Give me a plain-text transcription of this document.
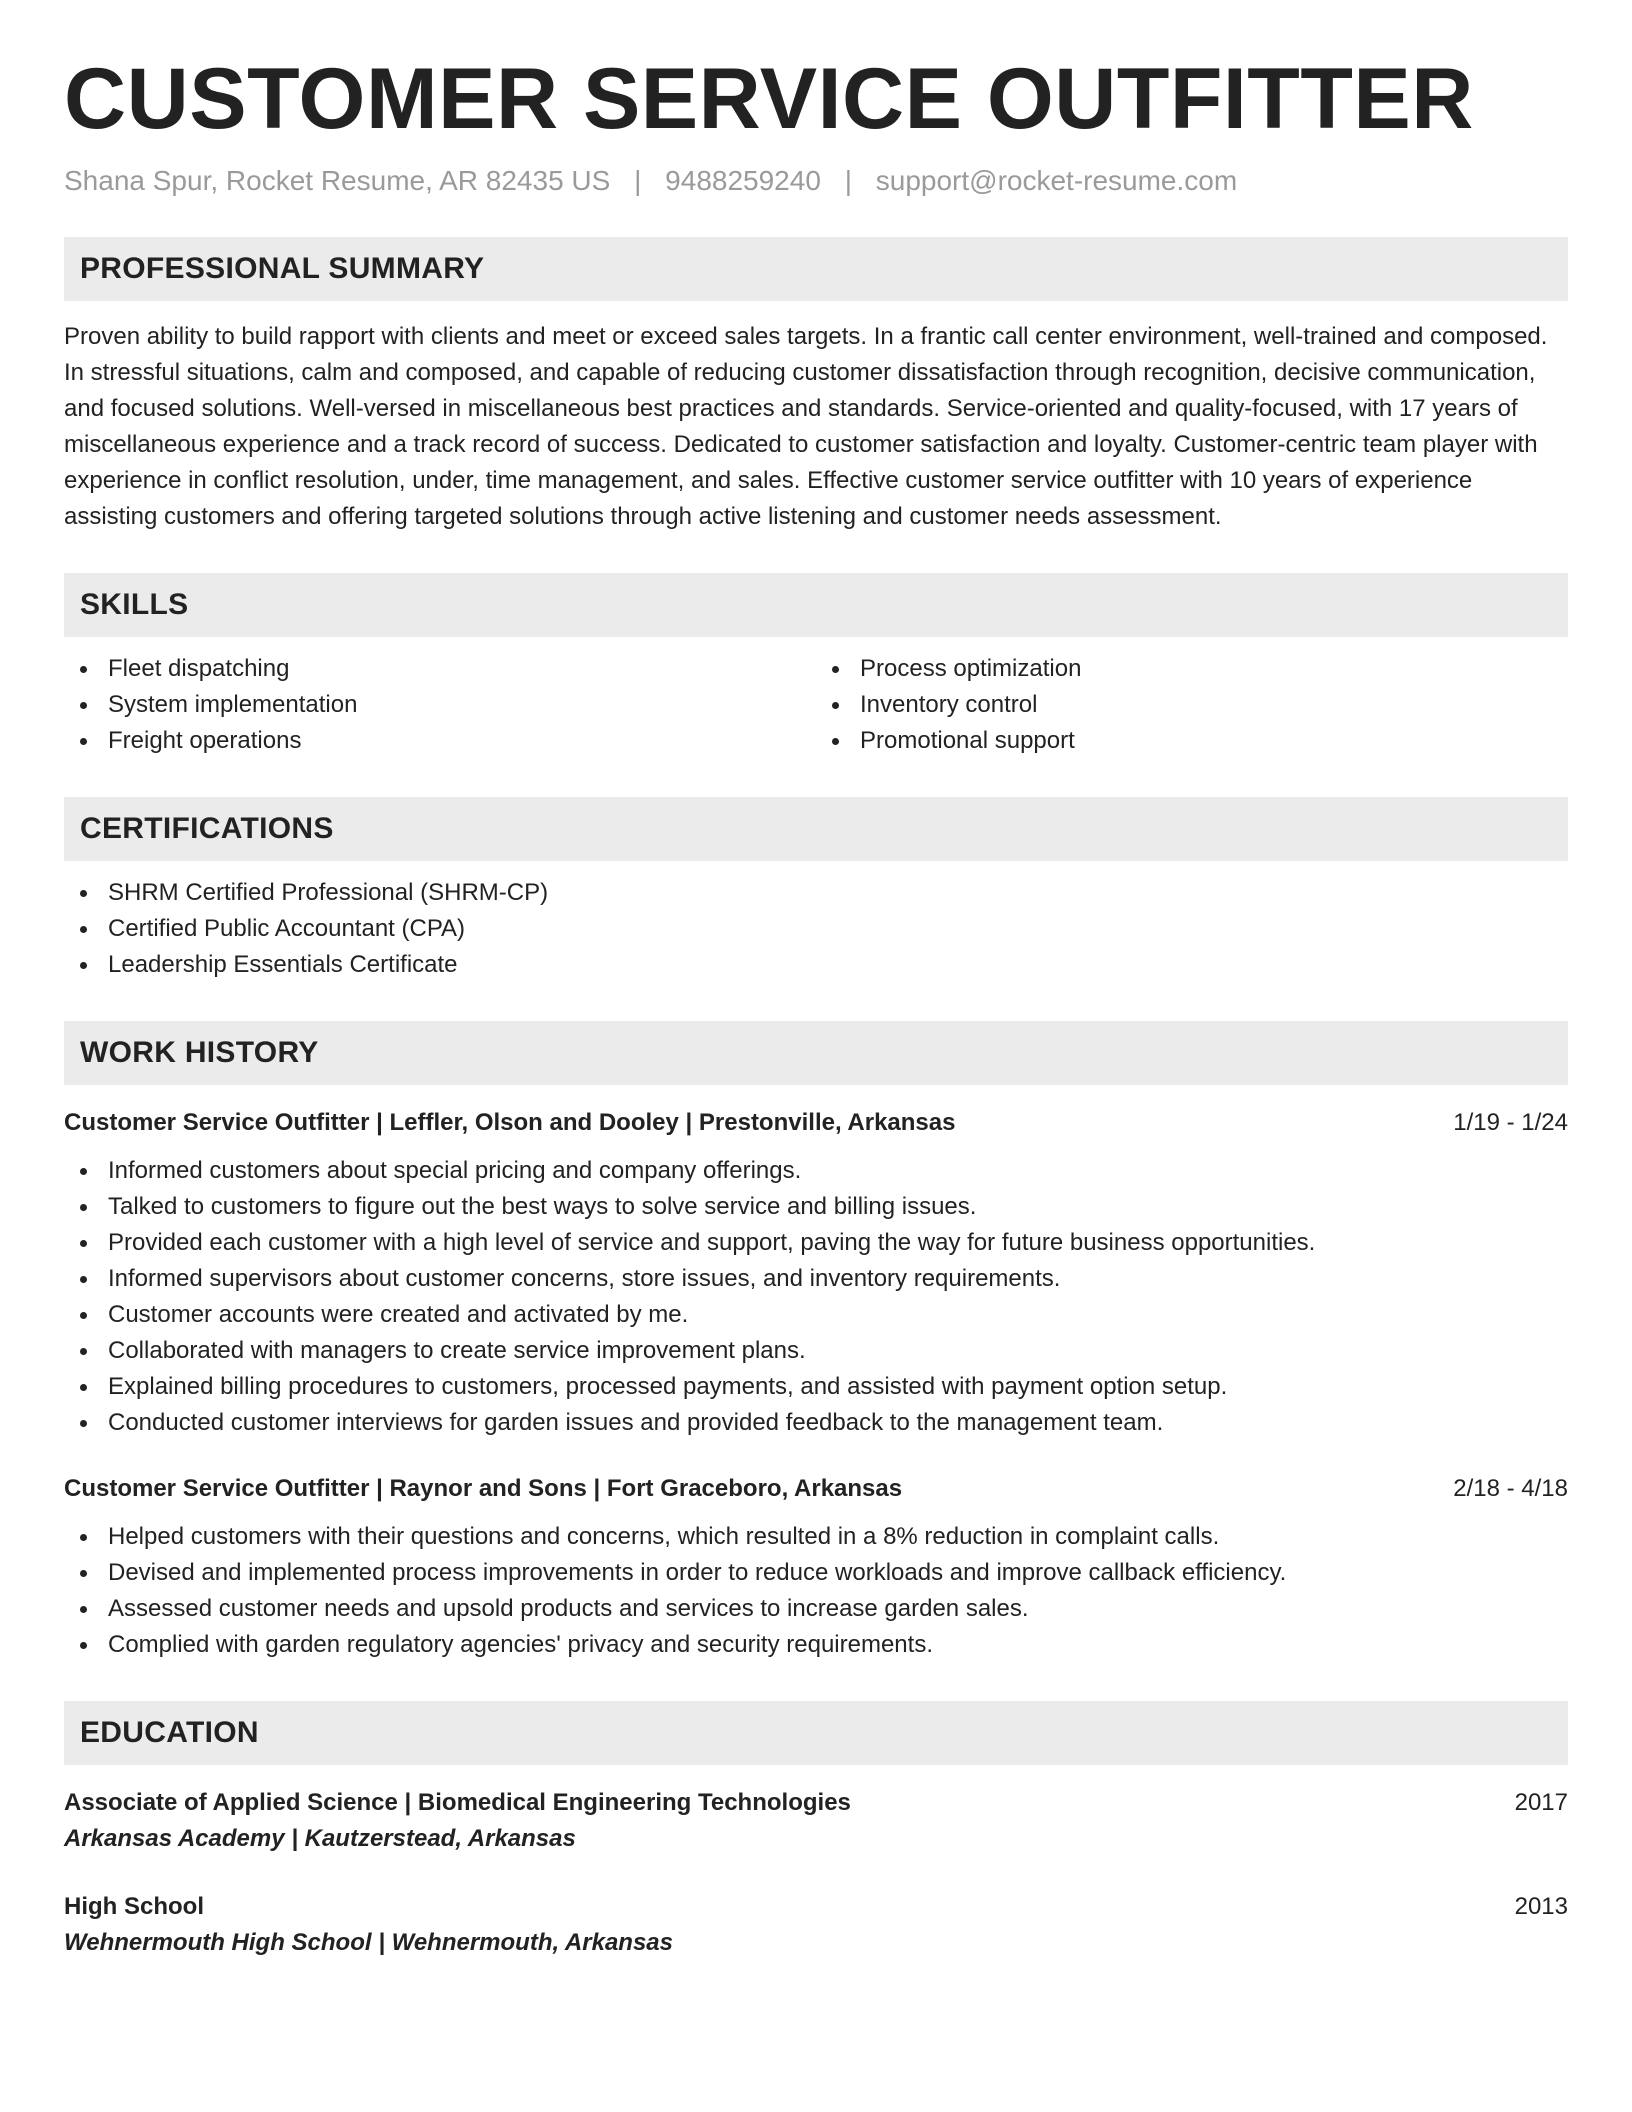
CUSTOMER SERVICE OUTFITTER
Shana Spur, Rocket Resume, AR 82435 US | 9488259240 | support@rocket-resume.com
PROFESSIONAL SUMMARY
Proven ability to build rapport with clients and meet or exceed sales targets. In a frantic call center environment, well-trained and composed. In stressful situations, calm and composed, and capable of reducing customer dissatisfaction through recognition, decisive communication, and focused solutions. Well-versed in miscellaneous best practices and standards. Service-oriented and quality-focused, with 17 years of miscellaneous experience and a track record of success. Dedicated to customer satisfaction and loyalty. Customer-centric team player with experience in conflict resolution, under, time management, and sales. Effective customer service outfitter with 10 years of experience assisting customers and offering targeted solutions through active listening and customer needs assessment.
SKILLS
Fleet dispatching
System implementation
Freight operations
Process optimization
Inventory control
Promotional support
CERTIFICATIONS
SHRM Certified Professional (SHRM-CP)
Certified Public Accountant (CPA)
Leadership Essentials Certificate
WORK HISTORY
Customer Service Outfitter | Leffler, Olson and Dooley | Prestonville, Arkansas	1/19 - 1/24
Informed customers about special pricing and company offerings.
Talked to customers to figure out the best ways to solve service and billing issues.
Provided each customer with a high level of service and support, paving the way for future business opportunities.
Informed supervisors about customer concerns, store issues, and inventory requirements.
Customer accounts were created and activated by me.
Collaborated with managers to create service improvement plans.
Explained billing procedures to customers, processed payments, and assisted with payment option setup.
Conducted customer interviews for garden issues and provided feedback to the management team.
Customer Service Outfitter | Raynor and Sons | Fort Graceboro, Arkansas	2/18 - 4/18
Helped customers with their questions and concerns, which resulted in a 8% reduction in complaint calls.
Devised and implemented process improvements in order to reduce workloads and improve callback efficiency.
Assessed customer needs and upsold products and services to increase garden sales.
Complied with garden regulatory agencies' privacy and security requirements.
EDUCATION
Associate of Applied Science | Biomedical Engineering Technologies	2017
Arkansas Academy | Kautzerstead, Arkansas
High School	2013
Wehnermouth High School | Wehnermouth, Arkansas
